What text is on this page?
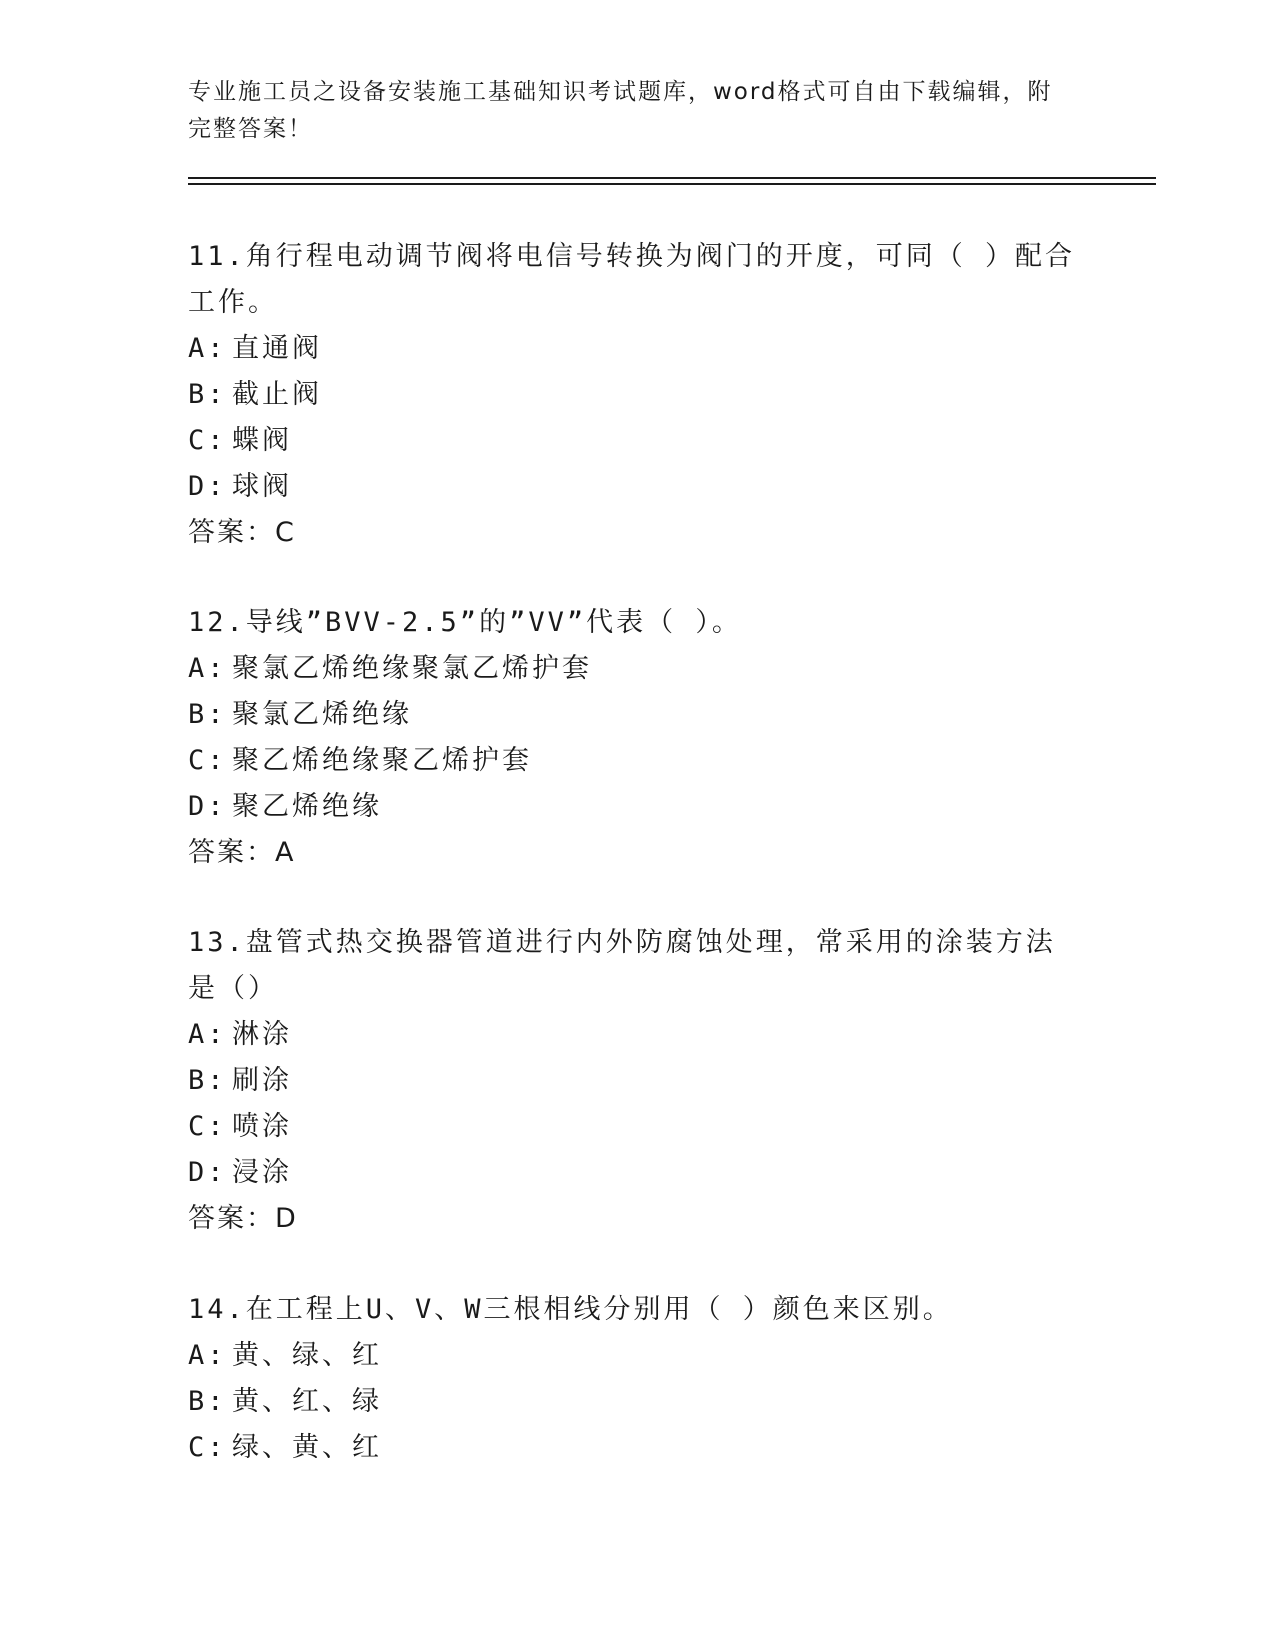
专业施工员之设备安装施工基础知识考试题库，word格式可自由下载编辑，附完整答案！
11.角行程电动调节阀将电信号转换为阀门的开度，可同（ ）配合工作。
A: 直通阀
B: 截止阀
C: 蝶阀
D: 球阀
答案：C
12.导线”BVV-2.5”的”VV”代表（ ）。
A: 聚氯乙烯绝缘聚氯乙烯护套
B: 聚氯乙烯绝缘
C: 聚乙烯绝缘聚乙烯护套
D: 聚乙烯绝缘
答案：A
13.盘管式热交换器管道进行内外防腐蚀处理，常采用的涂装方法是（）
A: 淋涂
B: 刷涂
C: 喷涂
D: 浸涂
答案：D
14.在工程上U、V、W三根相线分别用（ ）颜色来区别。
A: 黄、绿、红
B: 黄、红、绿
C: 绿、黄、红
